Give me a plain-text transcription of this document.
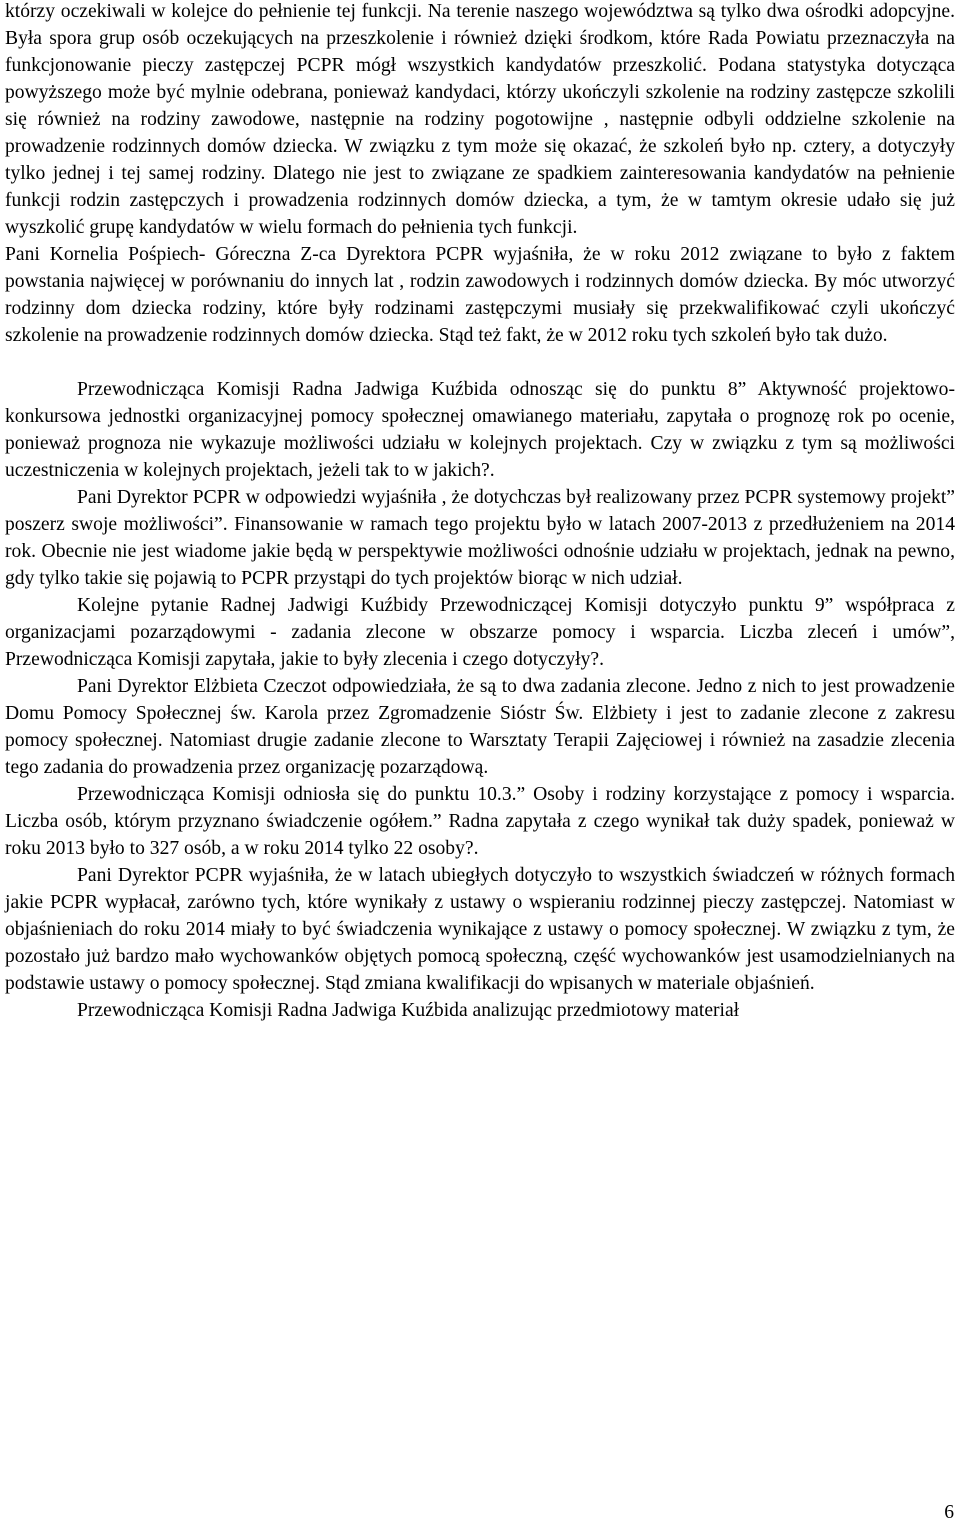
którzy oczekiwali w kolejce do pełnienie tej funkcji. Na terenie naszego województwa są tylko dwa ośrodki adopcyjne. Była spora grup osób oczekujących na przeszkolenie i również dzięki środkom, które Rada Powiatu przeznaczyła na funkcjonowanie pieczy zastępczej PCPR mógł wszystkich kandydatów przeszkolić. Podana statystyka dotycząca powyższego może być mylnie odebrana, ponieważ kandydaci, którzy ukończyli szkolenie na rodziny zastępcze szkolili się również na rodziny zawodowe, następnie na rodziny pogotowijne , następnie odbyli oddzielne szkolenie na prowadzenie rodzinnych domów dziecka. W związku z tym może się okazać, że szkoleń było np. cztery, a dotyczyły tylko jednej i tej samej rodziny. Dlatego nie jest to związane ze spadkiem zainteresowania kandydatów na pełnienie funkcji rodzin zastępczych i prowadzenia rodzinnych domów dziecka, a tym, że w tamtym okresie udało się już wyszkolić grupę kandydatów w wielu formach do pełnienia tych funkcji.

Pani Kornelia Pośpiech- Góreczna Z-ca Dyrektora PCPR wyjaśniła, że w roku 2012 związane to było z faktem powstania najwięcej w porównaniu do innych lat , rodzin zawodowych i rodzinnych domów dziecka. By móc utworzyć rodzinny dom dziecka rodziny, które były rodzinami zastępczymi musiały się przekwalifikować czyli ukończyć szkolenie na prowadzenie rodzinnych domów dziecka. Stąd też fakt, że w 2012 roku tych szkoleń było tak dużo.

Przewodnicząca Komisji Radna Jadwiga Kuźbida odnosząc się do punktu 8” Aktywność projektowo- konkursowa jednostki organizacyjnej pomocy społecznej omawianego materiału, zapytała o prognozę rok po ocenie, ponieważ prognoza nie wykazuje możliwości udziału w kolejnych projektach. Czy w związku z tym są możliwości uczestniczenia w kolejnych projektach, jeżeli tak to w jakich?.

Pani Dyrektor PCPR w odpowiedzi wyjaśniła , że dotychczas był realizowany przez PCPR systemowy projekt” poszerz swoje możliwości”. Finansowanie w ramach tego projektu było w latach 2007-2013 z przedłużeniem na 2014 rok. Obecnie nie jest wiadome jakie będą w perspektywie możliwości odnośnie udziału w projektach, jednak na pewno, gdy tylko takie się pojawią to PCPR przystąpi do tych projektów biorąc w nich udział.

Kolejne pytanie Radnej Jadwigi Kuźbidy Przewodniczącej Komisji dotyczyło punktu 9” współpraca z organizacjami pozarządowymi - zadania zlecone w obszarze pomocy i wsparcia. Liczba zleceń i umów”, Przewodnicząca Komisji zapytała, jakie to były zlecenia i czego dotyczyły?.

Pani Dyrektor Elżbieta Czeczot odpowiedziała, że są to dwa zadania zlecone. Jedno z nich to jest prowadzenie Domu Pomocy Społecznej św. Karola przez Zgromadzenie Sióstr Św. Elżbiety i jest to zadanie zlecone z zakresu pomocy społecznej. Natomiast drugie zadanie zlecone to Warsztaty Terapii Zajęciowej i również na zasadzie zlecenia tego zadania do prowadzenia przez organizację pozarządową.

Przewodnicząca Komisji odniosła się do punktu 10.3.” Osoby i rodziny korzystające z pomocy i wsparcia. Liczba osób, którym przyznano świadczenie ogółem.” Radna zapytała z czego wynikał tak duży spadek, ponieważ w roku 2013 było to 327 osób, a w roku 2014 tylko 22 osoby?.

Pani Dyrektor PCPR wyjaśniła, że w latach ubiegłych dotyczyło to wszystkich świadczeń w różnych formach jakie PCPR wypłacał, zarówno tych, które wynikały z ustawy o wspieraniu rodzinnej pieczy zastępczej. Natomiast w objaśnieniach do roku 2014 miały to być świadczenia wynikające z ustawy o pomocy społecznej. W związku z tym, że pozostało już bardzo mało wychowanków objętych pomocą społeczną, część wychowanków jest usamodzielnianych na podstawie ustawy o pomocy społecznej. Stąd zmiana kwalifikacji do wpisanych w materiale objaśnień.

Przewodnicząca Komisji Radna Jadwiga Kuźbida analizując przedmiotowy materiał

6
